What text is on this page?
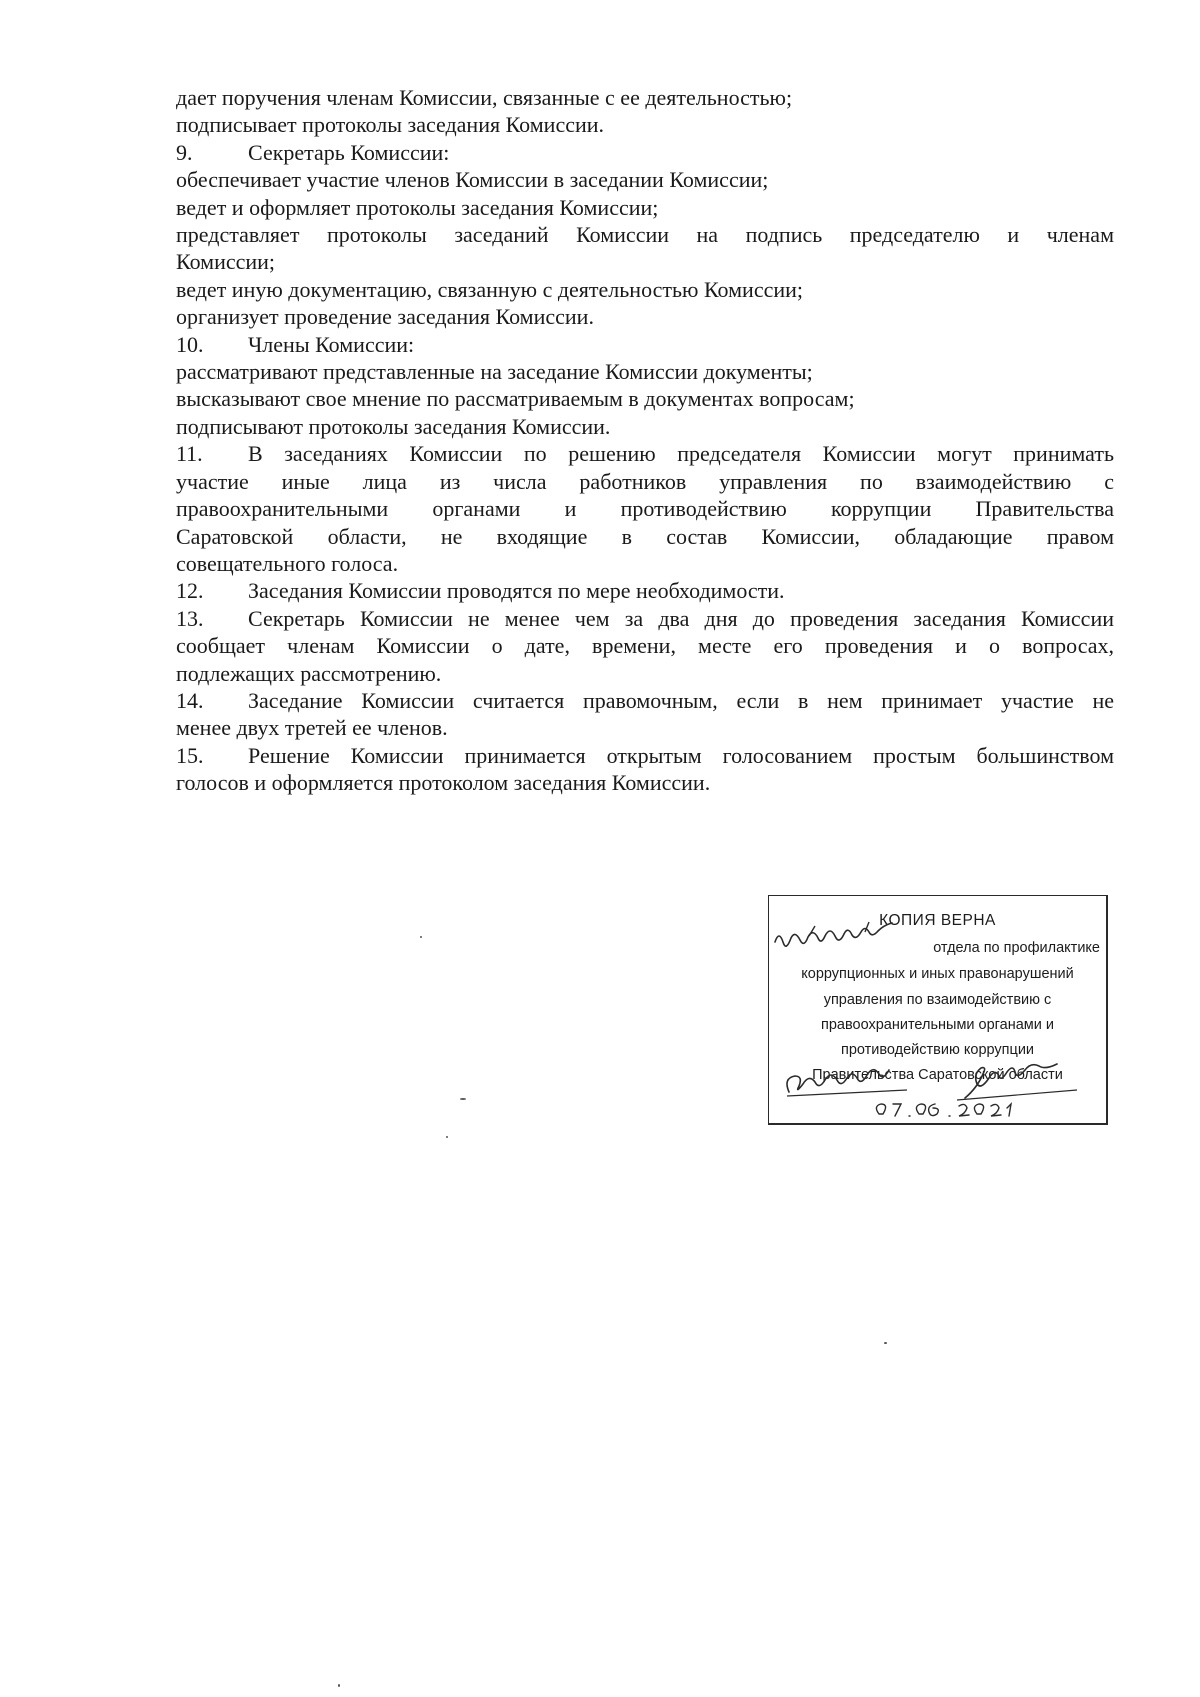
дает поручения членам Комиссии, связанные с ее деятельностью;
подписывает протоколы заседания Комиссии.
9.	Секретарь Комиссии:
обеспечивает участие членов Комиссии в заседании Комиссии;
ведет и оформляет протоколы заседания Комиссии;
представляет протоколы заседаний Комиссии на подпись председателю и членам
Комиссии;
ведет иную документацию, связанную с деятельностью Комиссии;
организует проведение заседания Комиссии.
10. Члены Комиссии:
рассматривают представленные на заседание Комиссии документы;
высказывают свое мнение по рассматриваемым в документах вопросам;
подписывают протоколы заседания Комиссии.
11. В заседаниях Комиссии по решению председателя Комиссии могут принимать
участие иные лица из числа работников управления по взаимодействию с
правоохранительными органами и противодействию коррупции Правительства
Саратовской области, не входящие в состав Комиссии, обладающие правом
совещательного голоса.
12. Заседания Комиссии проводятся по мере необходимости.
13. Секретарь Комиссии не менее чем за два дня до проведения заседания Комиссии
сообщает членам Комиссии о дате, времени, месте его проведения и о вопросах,
подлежащих рассмотрению.
14. Заседание Комиссии считается правомочным, если в нем принимает участие не
менее двух третей ее членов.
15. Решение Комиссии принимается открытым голосованием простым большинством
голосов и оформляется протоколом заседания Комиссии.
КОПИЯ ВЕРНА
отдела по профилактике
коррупционных и иных правонарушений
управления по взаимодействию с
правоохранительными органами и
противодействию коррупции
Правительства Саратовской области
